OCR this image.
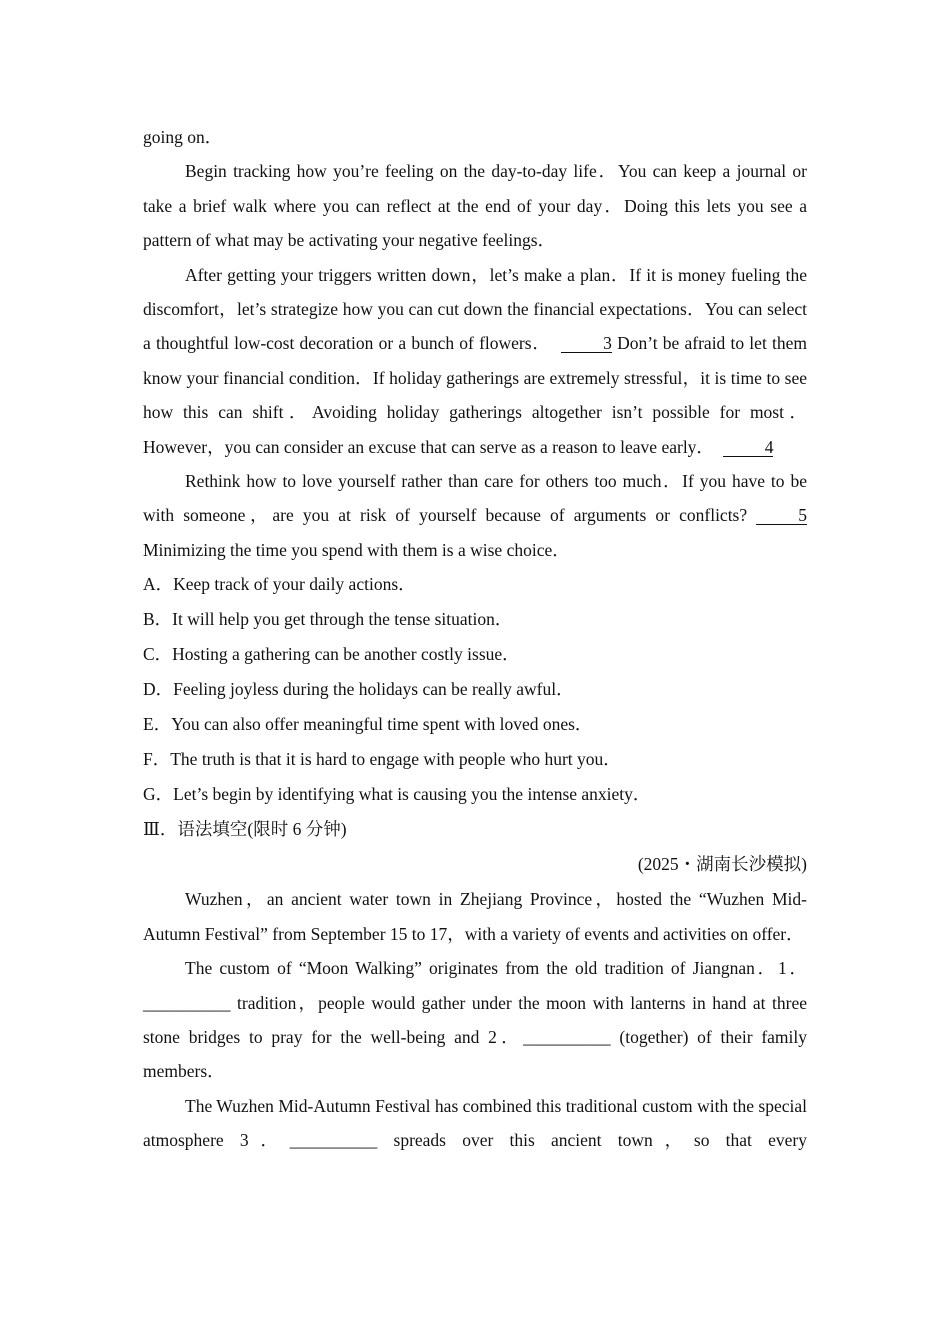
going on．

Begin tracking how you’re feeling on the day-to-day life．You can keep a journal or take a brief walk where you can reflect at the end of your day．Doing this lets you see a pattern of what may be activating your negative feelings．

After getting your triggers written down，let’s make a plan．If it is money fueling the discomfort，let’s strategize how you can cut down the financial expectations．You can select a thoughtful low-cost decoration or a bunch of flowers．	3 Don’t be afraid to let them know your financial condition．If holiday gatherings are extremely stressful，it is time to see how this can shift．Avoiding holiday gatherings altogether isn’t possible for most．However，you can consider an excuse that can serve as a reason to leave early．	4

Rethink how to love yourself rather than care for others too much．If you have to be with someone，are you at risk of yourself because of arguments or conflicts?	5 Minimizing the time you spend with them is a wise choice．

A．Keep track of your daily actions．

B．It will help you get through the tense situation．

C．Hosting a gathering can be another costly issue．

D．Feeling joyless during the holidays can be really awful．

E．You can also offer meaningful time spent with loved ones．

F．The truth is that it is hard to engage with people who hurt you．

G．Let’s begin by identifying what is causing you the intense anxiety．

Ⅲ．语法填空(限时 6 分钟)

(2025・湖南长沙模拟)

Wuzhen，an ancient water town in Zhejiang Province，hosted the “Wuzhen Mid-Autumn Festival” from September 15 to 17，with a variety of events and activities on offer．

The custom of “Moon Walking” originates from the old tradition of Jiangnan．1．__________ tradition，people would gather under the moon with lanterns in hand at three stone bridges to pray for the well-being and 2．__________ (together) of their family members．

The Wuzhen Mid-Autumn Festival has combined this traditional custom with the special atmosphere 3．__________ spreads over this ancient town，so that every
